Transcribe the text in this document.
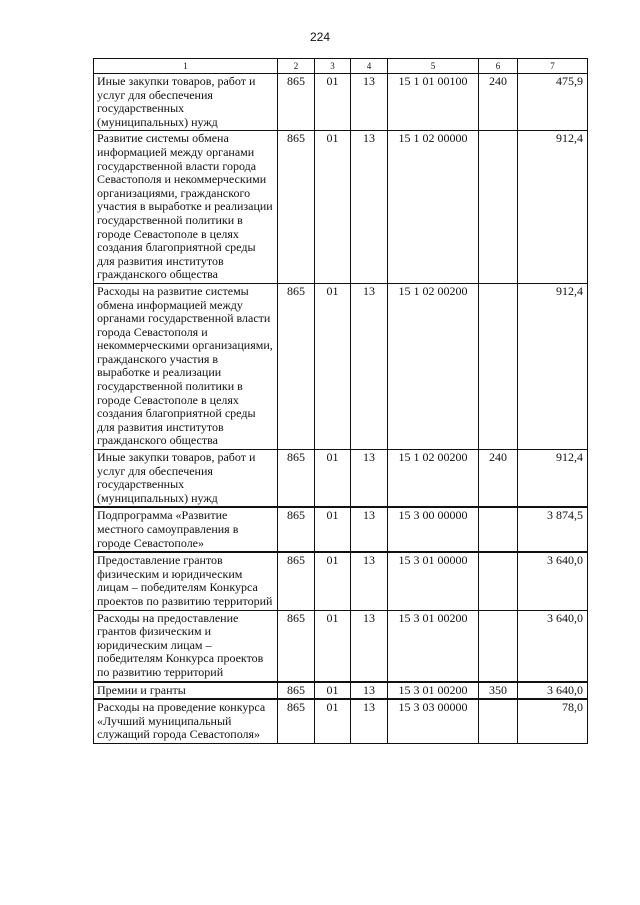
224
1	2	3	4	5	6	7
Иные закупки товаров, работ и услуг для обеспечения государственных (муниципальных) нужд	865	01	13	15 1 01 00100	240	475,9
Развитие системы обмена информацией между органами государственной власти города Севастополя и некоммерческими организациями, гражданского участия в выработке и реализации государственной политики в городе Севастополе в целях создания благоприятной среды для развития институтов гражданского общества	865	01	13	15 1 02 00000		912,4
Расходы на развитие системы обмена информацией между органами государственной власти города Севастополя и некоммерческими организациями, гражданского участия в выработке и реализации государственной политики в городе Севастополе в целях создания благоприятной среды для развития институтов гражданского общества	865	01	13	15 1 02 00200		912,4
Иные закупки товаров, работ и услуг для обеспечения государственных (муниципальных) нужд	865	01	13	15 1 02 00200	240	912,4
Подпрограмма «Развитие местного самоуправления в городе Севастополе»	865	01	13	15 3 00 00000		3 874,5
Предоставление грантов физическим и юридическим лицам – победителям Конкурса проектов по развитию территорий	865	01	13	15 3 01 00000		3 640,0
Расходы на предоставление грантов физическим и юридическим лицам – победителям Конкурса проектов по развитию территорий	865	01	13	15 3 01 00200		3 640,0
Премии и гранты	865	01	13	15 3 01 00200	350	3 640,0
Расходы на проведение конкурса «Лучший муниципальный служащий города Севастополя»	865	01	13	15 3 03 00000		78,0
